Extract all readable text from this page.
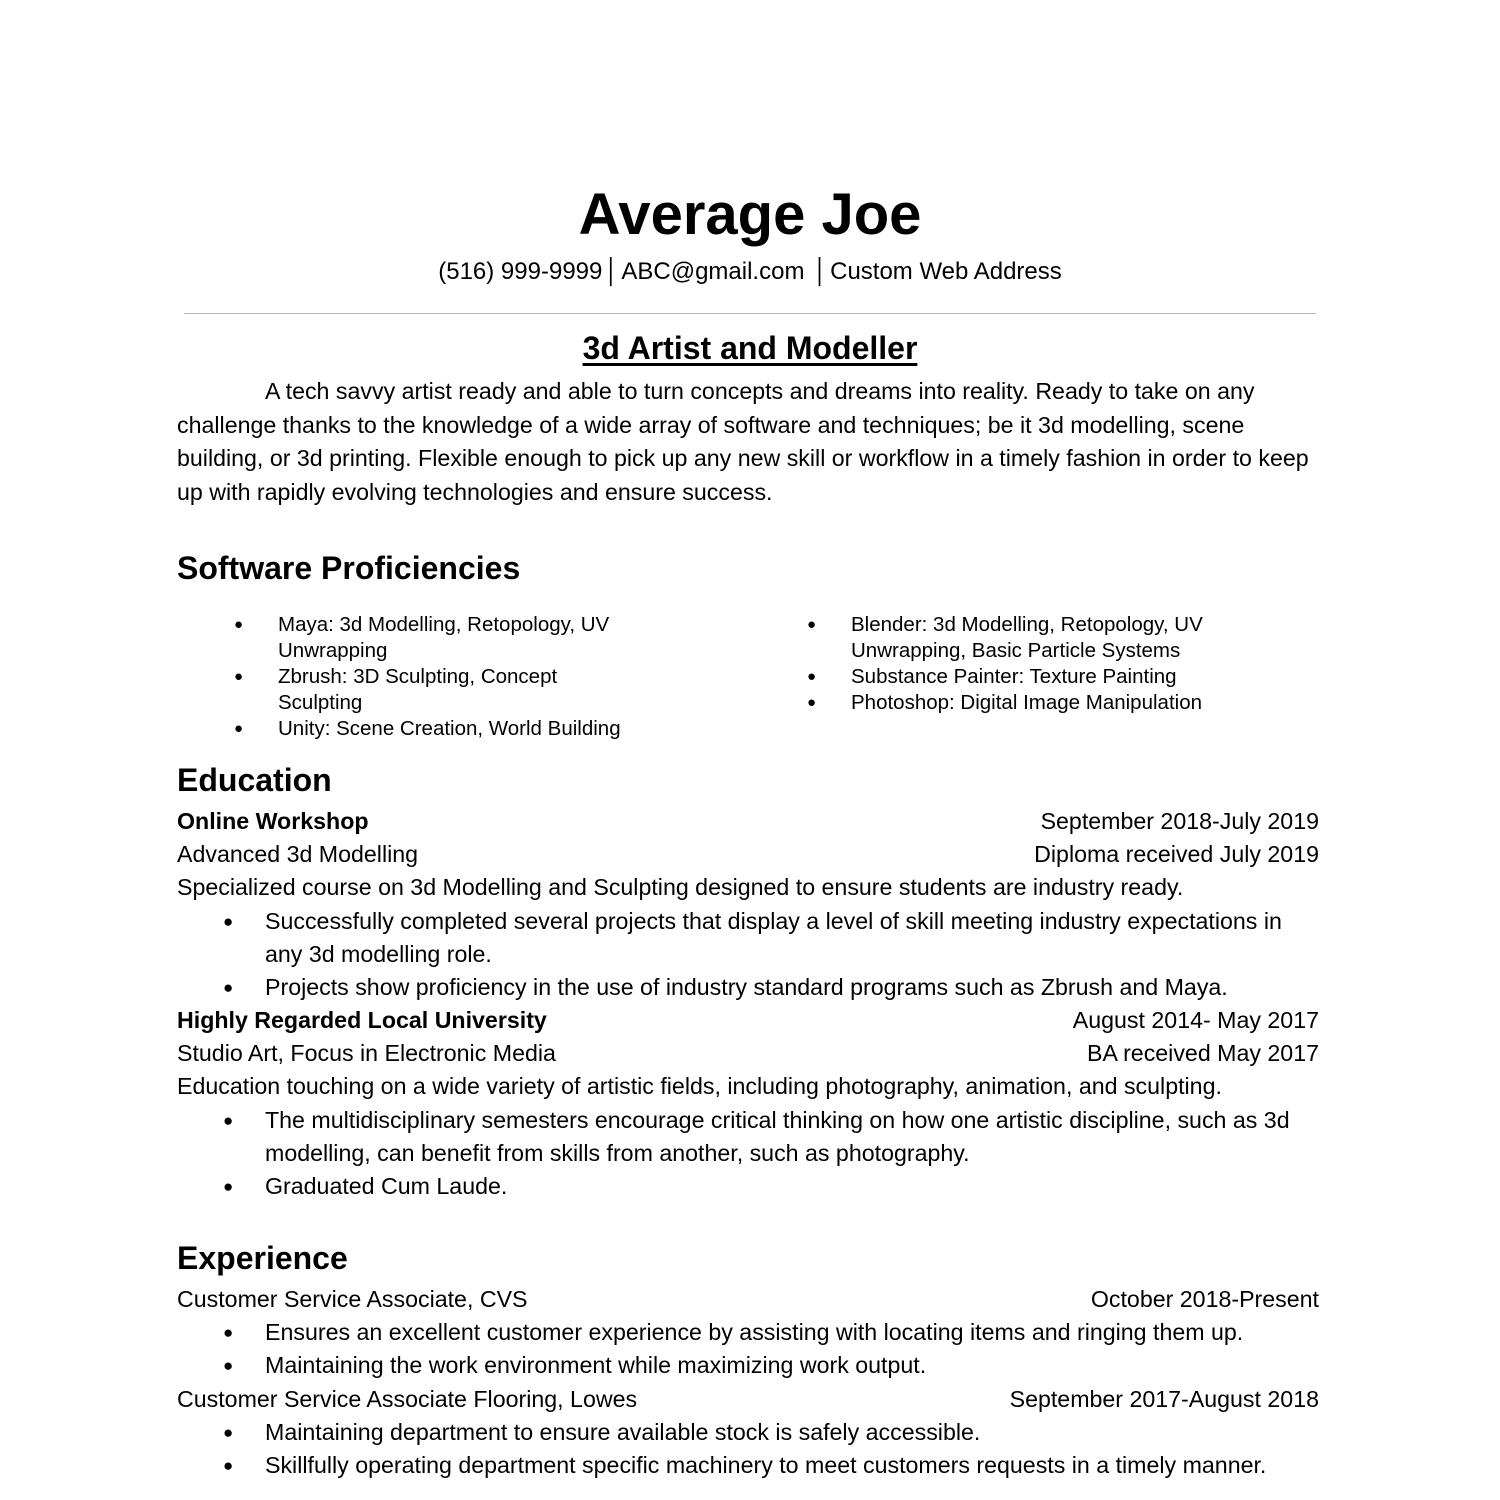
Average Joe
(516) 999-9999│ABC@gmail.com │Custom Web Address
3d Artist and Modeller

A tech savvy artist ready and able to turn concepts and dreams into reality. Ready to take on any challenge thanks to the knowledge of a wide array of software and techniques; be it 3d modelling, scene building, or 3d printing. Flexible enough to pick up any new skill or workflow in a timely fashion in order to keep up with rapidly evolving technologies and ensure success.

Software Proficiencies
● Maya: 3d Modelling, Retopology, UV Unwrapping
● Zbrush: 3D Sculpting, Concept Sculpting
● Unity: Scene Creation, World Building
● Blender: 3d Modelling, Retopology, UV Unwrapping, Basic Particle Systems
● Substance Painter: Texture Painting
● Photoshop: Digital Image Manipulation
Education
Online Workshop	September 2018-July 2019
Advanced 3d Modelling	Diploma received July 2019
Specialized course on 3d Modelling and Sculpting designed to ensure students are industry ready.
● Successfully completed several projects that display a level of skill meeting industry expectations in any 3d modelling role.
● Projects show proficiency in the use of industry standard programs such as Zbrush and Maya.
Highly Regarded Local University	August 2014- May 2017
Studio Art, Focus in Electronic Media	BA received May 2017
Education touching on a wide variety of artistic fields, including photography, animation, and sculpting.
● The multidisciplinary semesters encourage critical thinking on how one artistic discipline, such as 3d modelling, can benefit from skills from another, such as photography.
● Graduated Cum Laude.
Experience
Customer Service Associate, CVS	October 2018-Present
● Ensures an excellent customer experience by assisting with locating items and ringing them up.
● Maintaining the work environment while maximizing work output.
Customer Service Associate Flooring, Lowes	September 2017-August 2018
● Maintaining department to ensure available stock is safely accessible.
● Skillfully operating department specific machinery to meet customers requests in a timely manner.
